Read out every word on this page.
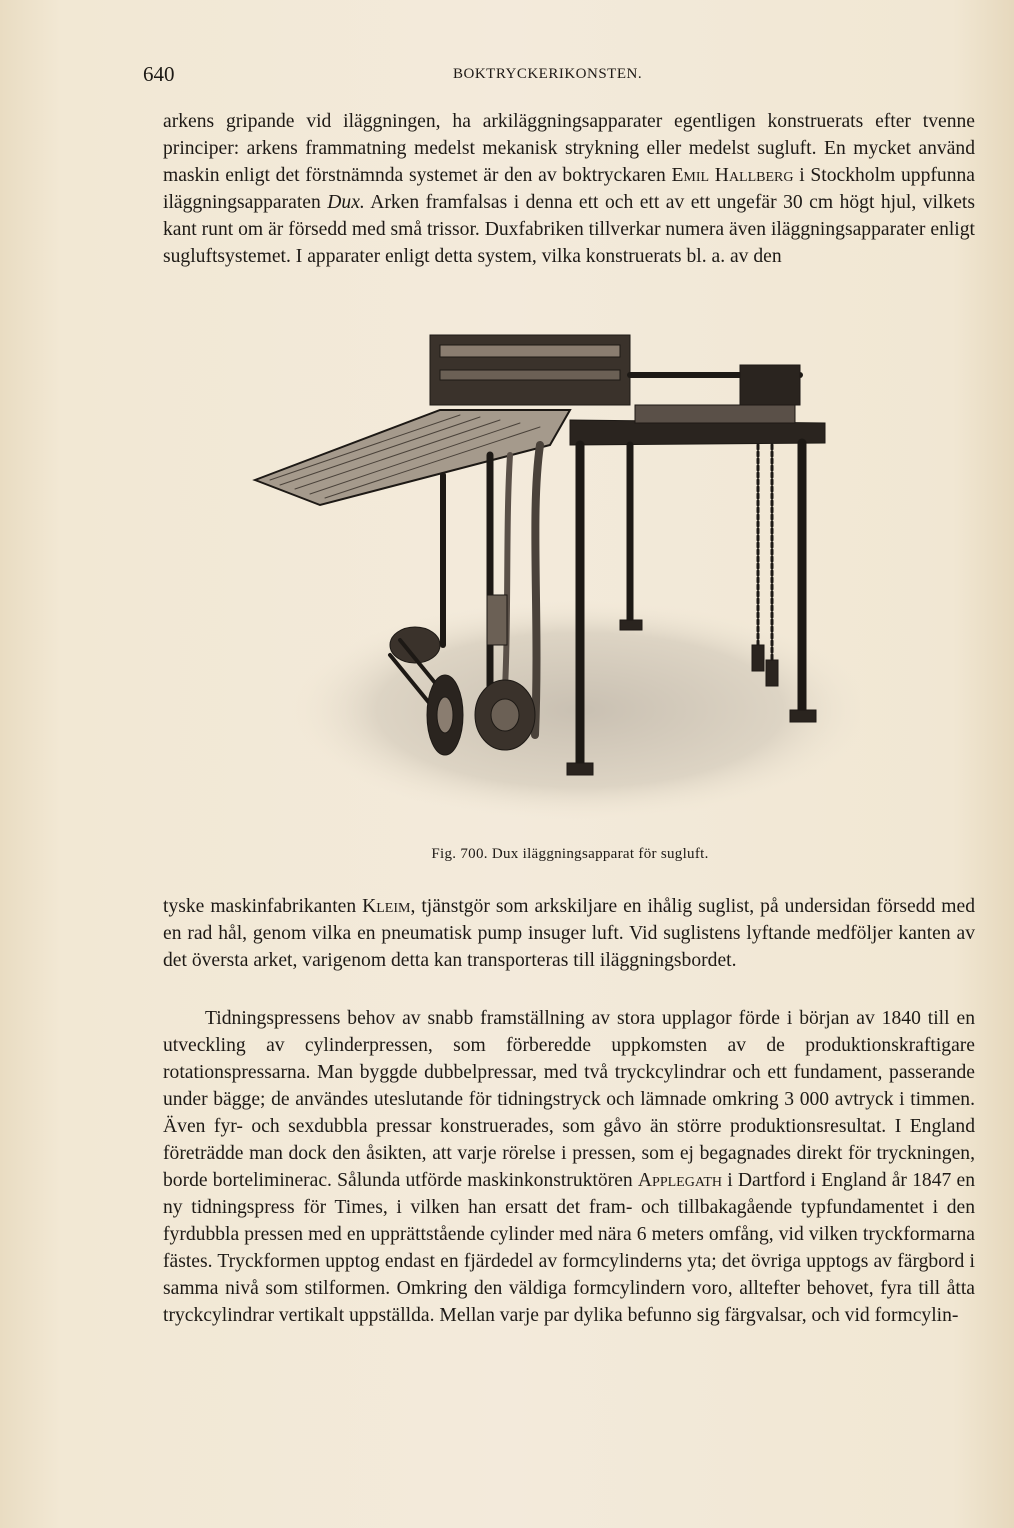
640	BOKTRYCKERIKONSTEN.

arkens gripande vid iläggningen, ha arkiläggningsapparater egentligen konstruerats efter tvenne principer: arkens frammatning medelst mekanisk strykning eller medelst sugluft. En mycket använd maskin enligt det förstnämnda systemet är den av boktryckaren Emil Hallberg i Stockholm uppfunna iläggningsapparaten Dux. Arken framfalsas i denna ett och ett av ett ungefär 30 cm högt hjul, vilkets kant runt om är försedd med små trissor. Duxfabriken tillverkar numera även iläggningsapparater enligt sugluftsystemet. I apparater enligt detta system, vilka konstruerats bl. a. av den

Fig. 700. Dux iläggningsapparat för sugluft.

tyske maskinfabrikanten Kleim, tjänstgör som arkskiljare en ihålig suglist, på undersidan försedd med en rad hål, genom vilka en pneumatisk pump insuger luft. Vid suglistens lyftande medföljer kanten av det översta arket, varigenom detta kan transporteras till iläggningsbordet.

Tidningspressens behov av snabb framställning av stora upplagor förde i början av 1840 till en utveckling av cylinderpressen, som förberedde uppkomsten av de produktionskraftigare rotationspressarna. Man byggde dubbelpressar, med två tryckcylindrar och ett fundament, passerande under bägge; de användes uteslutande för tidningstryck och lämnade omkring 3 000 avtryck i timmen. Även fyr- och sexdubbla pressar konstruerades, som gåvo än större produktionsresultat. I England företrädde man dock den åsikten, att varje rörelse i pressen, som ej begagnades direkt för tryckningen, borde borteliminerас. Sålunda utförde maskinkonstruktören Applegath i Dartford i England år 1847 en ny tidningspress för Times, i vilken han ersatt det fram- och tillbakagående typfundamentet i den fyrdubbla pressen med en upprättstående cylinder med nära 6 meters omfång, vid vilken tryckformarna fästes. Tryckformen upptog endast en fjärdedel av formcylinderns yta; det övriga upptogs av färgbord i samma nivå som stilformen. Omkring den väldiga formcylindern voro, alltefter behovet, fyra till åtta tryckcylindrar vertikalt uppställda. Mellan varje par dylika befunno sig färgvalsar, och vid formcylin-
